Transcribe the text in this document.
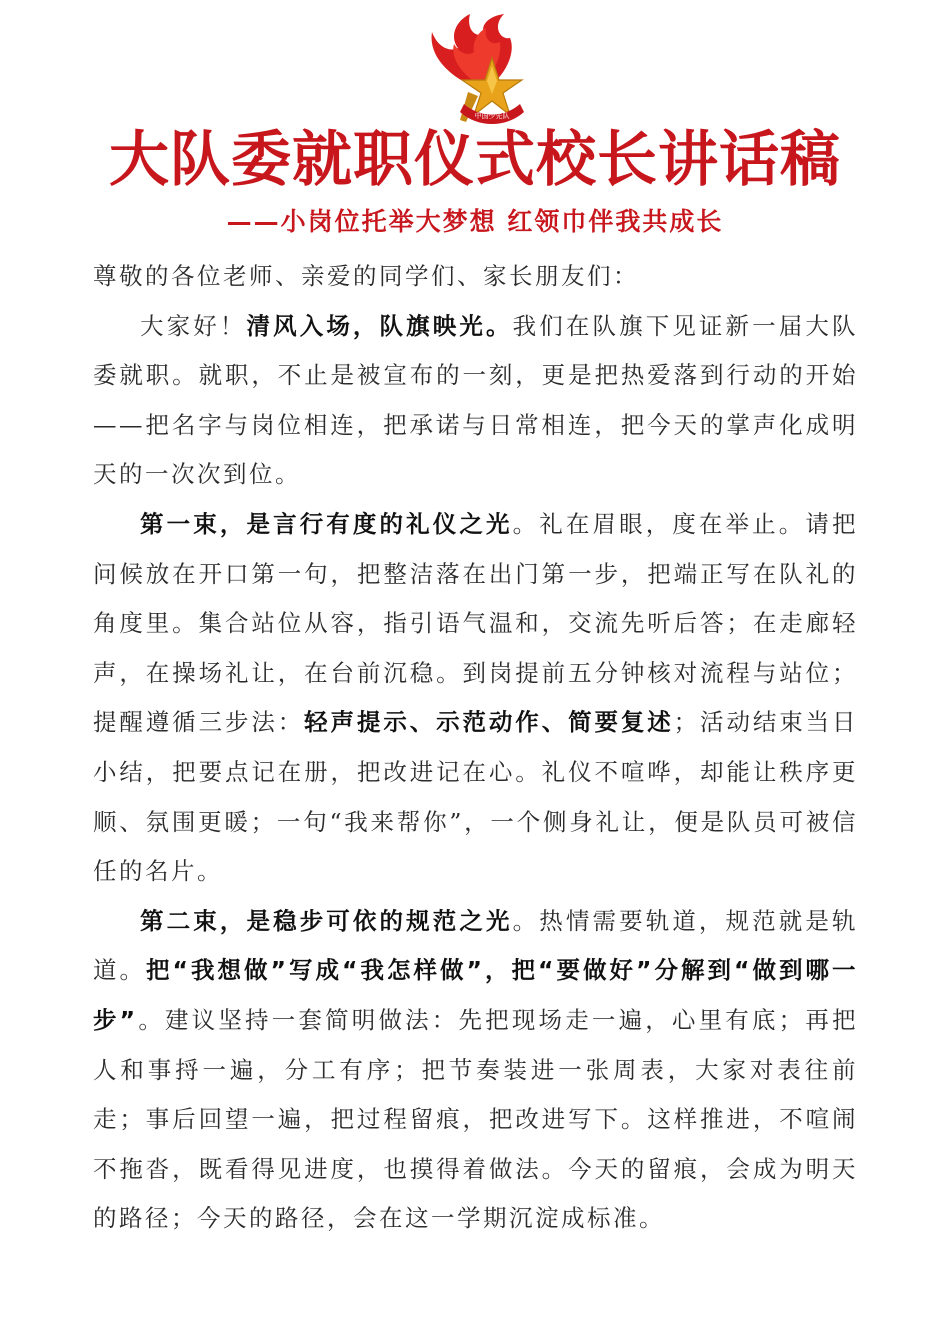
中国少先队
大队委就职仪式校长讲话稿
——小岗位托举大梦想 红领巾伴我共成长

尊敬的各位老师、亲爱的同学们、家长朋友们：

大家好！清风入场，队旗映光。我们在队旗下见证新一届大队委就职。就职，不止是被宣布的一刻，更是把热爱落到行动的开始——把名字与岗位相连，把承诺与日常相连，把今天的掌声化成明天的一次次到位。

第一束，是言行有度的礼仪之光。礼在眉眼，度在举止。请把问候放在开口第一句，把整洁落在出门第一步，把端正写在队礼的角度里。集合站位从容，指引语气温和，交流先听后答；在走廊轻声，在操场礼让，在台前沉稳。到岗提前五分钟核对流程与站位；提醒遵循三步法：轻声提示、示范动作、简要复述；活动结束当日小结，把要点记在册，把改进记在心。礼仪不喧哗，却能让秩序更顺、氛围更暖；一句“我来帮你”，一个侧身礼让，便是队员可被信任的名片。

第二束，是稳步可依的规范之光。热情需要轨道，规范就是轨道。把“我想做”写成“我怎样做”，把“要做好”分解到“做到哪一步”。建议坚持一套简明做法：先把现场走一遍，心里有底；再把人和事捋一遍，分工有序；把节奏装进一张周表，大家对表往前走；事后回望一遍，把过程留痕，把改进写下。这样推进，不喧闹不拖沓，既看得见进度，也摸得着做法。今天的留痕，会成为明天的路径；今天的路径，会在这一学期沉淀成标准。
